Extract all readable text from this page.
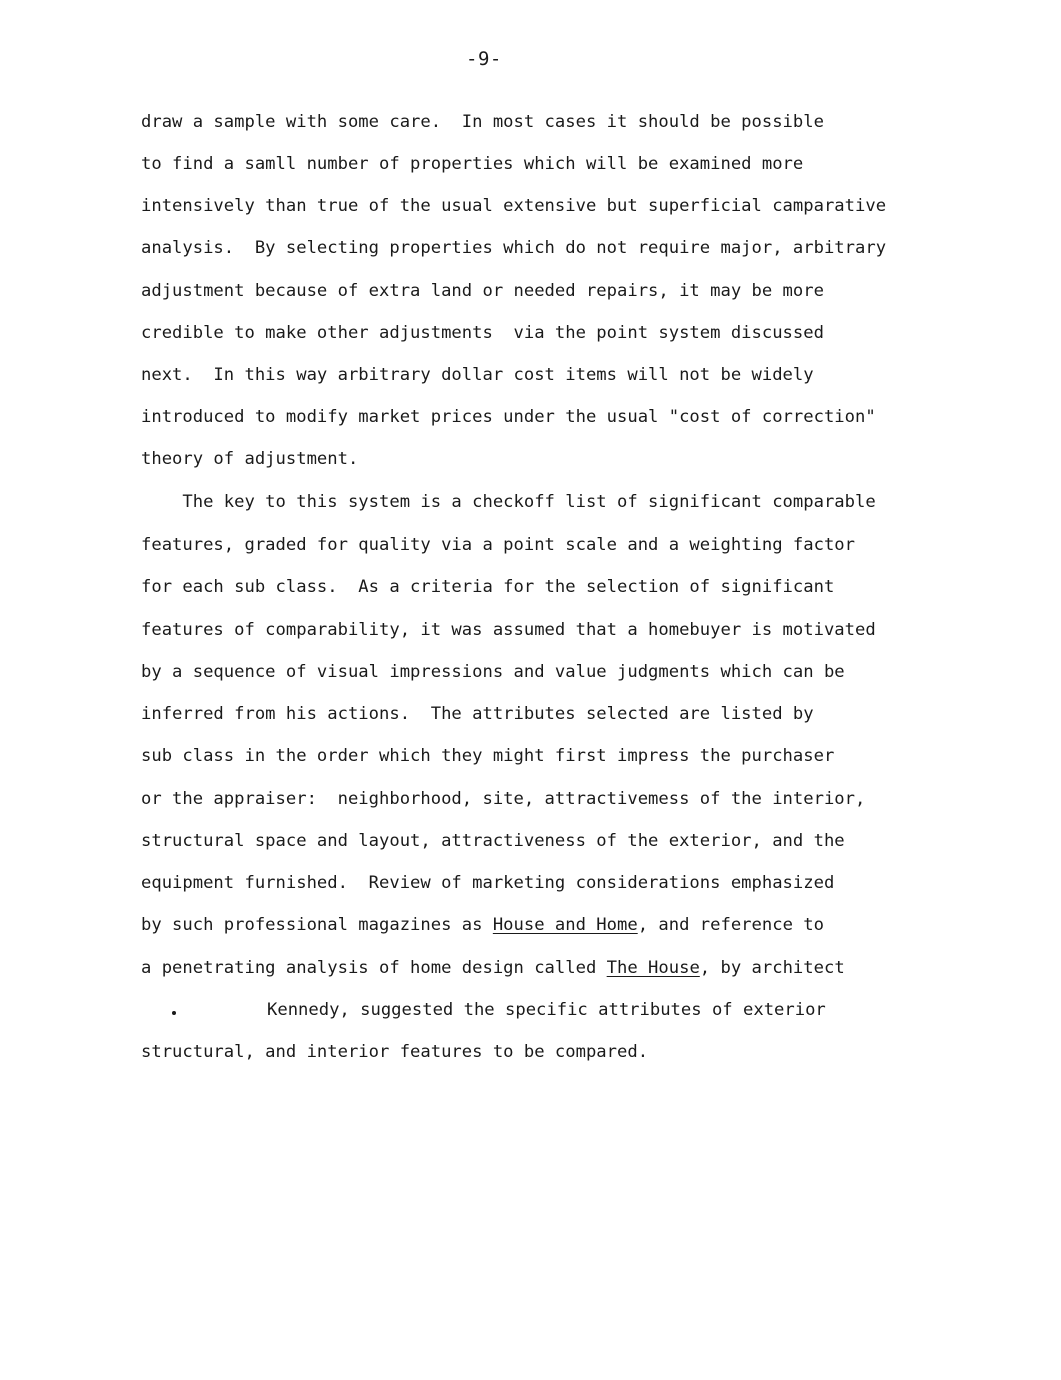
-9-
draw a sample with some care.  In most cases it should be possible
to find a samll number of properties which will be examined more
intensively than true of the usual extensive but superficial camparative
analysis.  By selecting properties which do not require major, arbitrary
adjustment because of extra land or needed repairs, it may be more
credible to make other adjustments  via the point system discussed
next.  In this way arbitrary dollar cost items will not be widely
introduced to modify market prices under the usual "cost of correction"
theory of adjustment.
The key to this system is a checkoff list of significant comparable
features, graded for quality via a point scale and a weighting factor
for each sub class.  As a criteria for the selection of significant
features of comparability, it was assumed that a homebuyer is motivated
by a sequence of visual impressions and value judgments which can be
inferred from his actions.  The attributes selected are listed by
sub class in the order which they might first impress the purchaser
or the appraiser:  neighborhood, site, attractivemess of the interior,
structural space and layout, attractiveness of the exterior, and the
equipment furnished.  Review of marketing considerations emphasized
by such professional magazines as House and Home, and reference to
a penetrating analysis of home design called The House, by architect
Kennedy, suggested the specific attributes of exterior
structural, and interior features to be compared.
